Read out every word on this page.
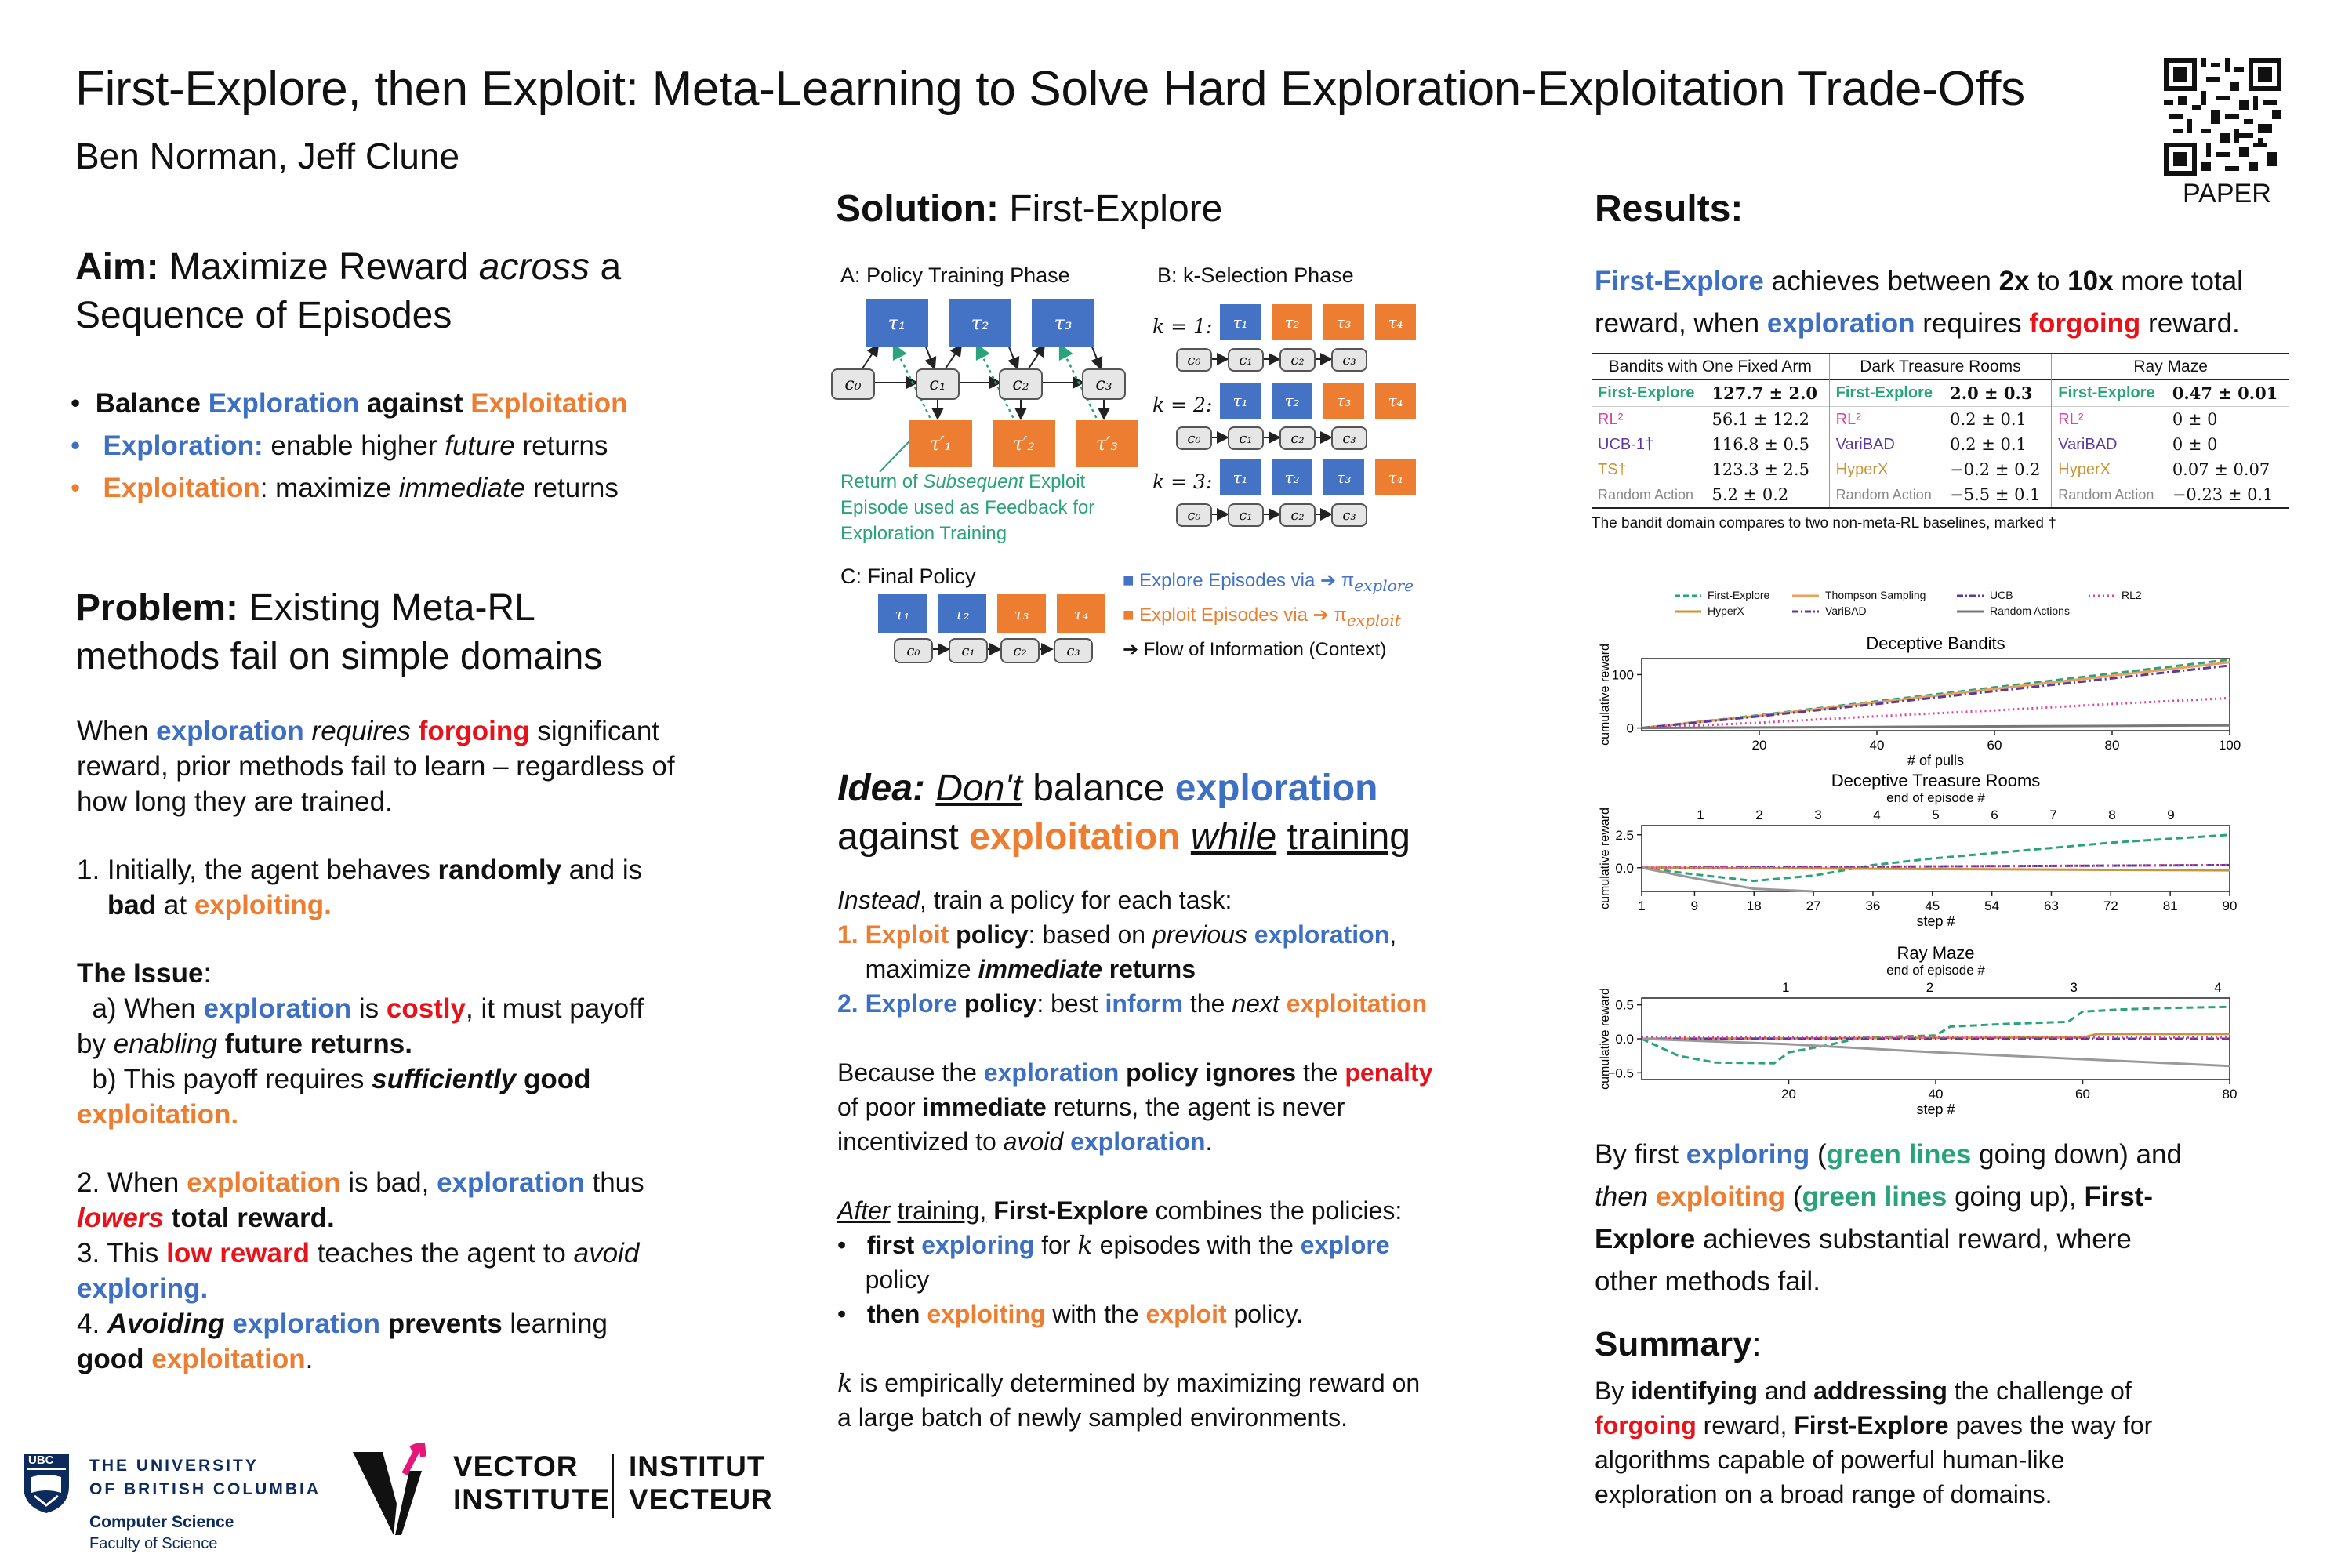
First-Explore, then Exploit: Meta-Learning to Solve Hard Exploration-Exploitation Trade-Offs
Ben Norman, Jeff Clune
PAPER
Aim: Maximize Reward across a
Sequence of Episodes
•  Balance Exploration against Exploitation
• Exploration: enable higher future returns
• Exploitation: maximize immediate returns
Problem: Existing Meta-RL
methods fail on simple domains
When exploration requires forgoing significant
reward, prior methods fail to learn – regardless of
how long they are trained.
1. Initially, the agent behaves randomly and is
bad at exploiting.
The Issue:
a) When exploration is costly, it must payoff
by enabling future returns.
b) This payoff requires sufficiently good
exploitation.
2. When exploitation is bad, exploration thus
lowers total reward.
3. This low reward teaches the agent to avoid
exploring.
4. Avoiding exploration prevents learning
good exploitation.
UBC THE UNIVERSITY
OF BRITISH COLUMBIA
Computer Science
Faculty of Science
VECTOR
INSTITUTE
INSTITUT
VECTEUR
Solution: First-Explore
A: Policy Training Phase	B: k-Selection Phase
C: Final Policy
τ₁	τ₂	τ₃
c₀	c₁	c₂	c₃
τ′₁	τ′₂	τ′₃
Return of Subsequent Exploit
Episode used as Feedback for
Exploration Training
k = 1:
k = 2:
k = 3:
τ₁	τ₂	τ₃	τ₄
c₀	c₁	c₂	c₃
τ₁	τ₂	τ₃	τ₄
c₀	c₁	c₂	c₃
τ₁	τ₂	τ₃	τ₄
c₀	c₁	c₂	c₃
τ₁	τ₂	τ₃	τ₄
c₀	c₁	c₂	c₃
■ Explore Episodes via ➔ $\pi_{explore}$
■ Exploit Episodes via ➔ $\pi_{exploit}$
➔ Flow of Information (Context)
Idea: Don't balance exploration
against exploitation while training
Instead, train a policy for each task:
1. Exploit policy: based on previous exploration,
maximize immediate returns
2. Explore policy: best inform the next exploitation
Because the exploration policy ignores the penalty
of poor immediate returns, the agent is never
incentivized to avoid exploration.
After training, First-Explore combines the policies:
•   first exploring for k episodes with the explore
policy
•   then exploiting with the exploit policy.
k is empirically determined by maximizing reward on
a large batch of newly sampled environments.
Results:
First-Explore achieves between 2x to 10x more total
reward, when exploration requires forgoing reward.
Bandits with One Fixed Arm		Dark Treasure Rooms		Ray Maze	
First-Explore	127.7 ± 2.0	First-Explore	2.0 ± 0.3	First-Explore	0.47 ± 0.01
RL²	56.1 ± 12.2	RL²	0.2 ± 0.1	RL²	0 ± 0
UCB-1†	116.8 ± 0.5	VariBAD	0.2 ± 0.1	VariBAD	0 ± 0
TS†	123.3 ± 2.5	HyperX	−0.2 ± 0.2	HyperX	0.07 ± 0.07
Random Action	5.2 ± 0.2	Random Action	−5.5 ± 0.1	Random Action	−0.23 ± 0.1
The bandit domain compares to two non-meta-RL baselines, marked †
First-Explore
HyperX
Thompson Sampling
VariBAD
UCB
Random Actions
RL2
Deceptive Bandits
0
100
20	40	60	80	100
# of pulls
cumulative reward
Deceptive Treasure Rooms
end of episode #
1	2	3	4	5	6	7	8	9
0.0
2.5
1	9	18	27	36	45	54	63	72	81	90
step #
cumulative reward
Ray Maze
end of episode #
1	2	3	4
−0.5
0.0
0.5
20	40	60	80
step #
cumulative reward
By first exploring (green lines going down) and
then exploiting (green lines going up), First-
Explore achieves substantial reward, where
other methods fail.
Summary:
By identifying and addressing the challenge of
forgoing reward, First-Explore paves the way for
algorithms capable of powerful human-like
exploration on a broad range of domains.
